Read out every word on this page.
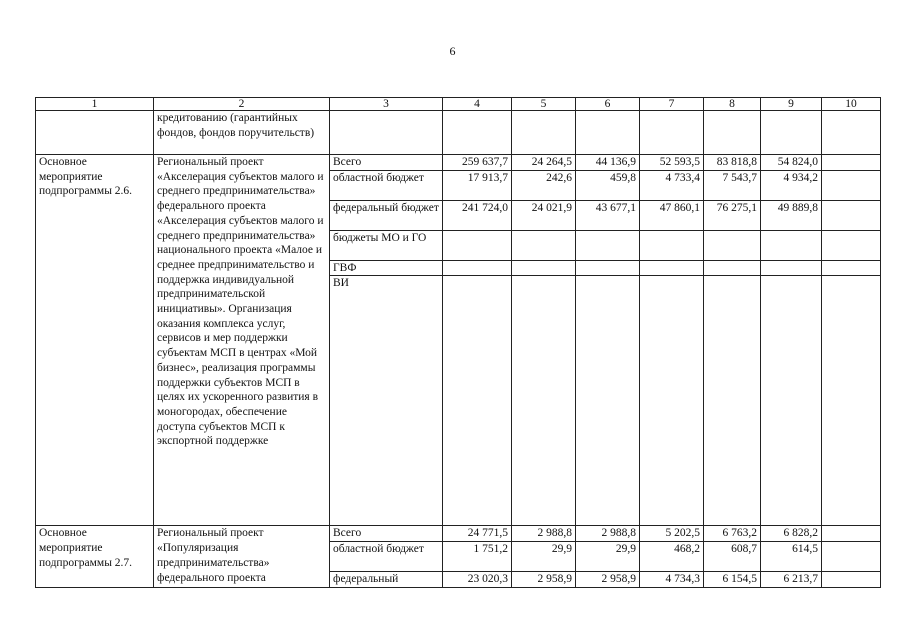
6
1	2	3	4	5	6	7	8	9	10
	кредитованию (гарантийных фондов, фондов поручительств)								
Основное мероприятие подпрограммы 2.6.	Региональный проект «Акселерация субъектов малого и среднего предпринимательства» федерального проекта «Акселерация субъектов малого и среднего предпринимательства» национального проекта «Малое и среднее предпринимательство и поддержка индивидуальной предпринимательской инициативы». Организация оказания комплекса услуг, сервисов и мер поддержки субъектам МСП в центрах «Мой бизнес», реализация программы поддержки субъектов МСП в целях их ускоренного развития в моногородах, обеспечение доступа субъектов МСП к экспортной поддержке	Всего	259 637,7	24 264,5	44 136,9	52 593,5	83 818,8	54 824,0	
		областной бюджет	17 913,7	242,6	459,8	4 733,4	7 543,7	4 934,2	
		федеральный бюджет	241 724,0	24 021,9	43 677,1	47 860,1	76 275,1	49 889,8	
		бюджеты МО и ГО							
		ГВФ							
		ВИ							
Основное мероприятие подпрограммы 2.7.	Региональный проект «Популяризация предпринимательства» федерального проекта	Всего	24 771,5	2 988,8	2 988,8	5 202,5	6 763,2	6 828,2	
		областной бюджет	1 751,2	29,9	29,9	468,2	608,7	614,5	
		федеральный	23 020,3	2 958,9	2 958,9	4 734,3	6 154,5	6 213,7	
